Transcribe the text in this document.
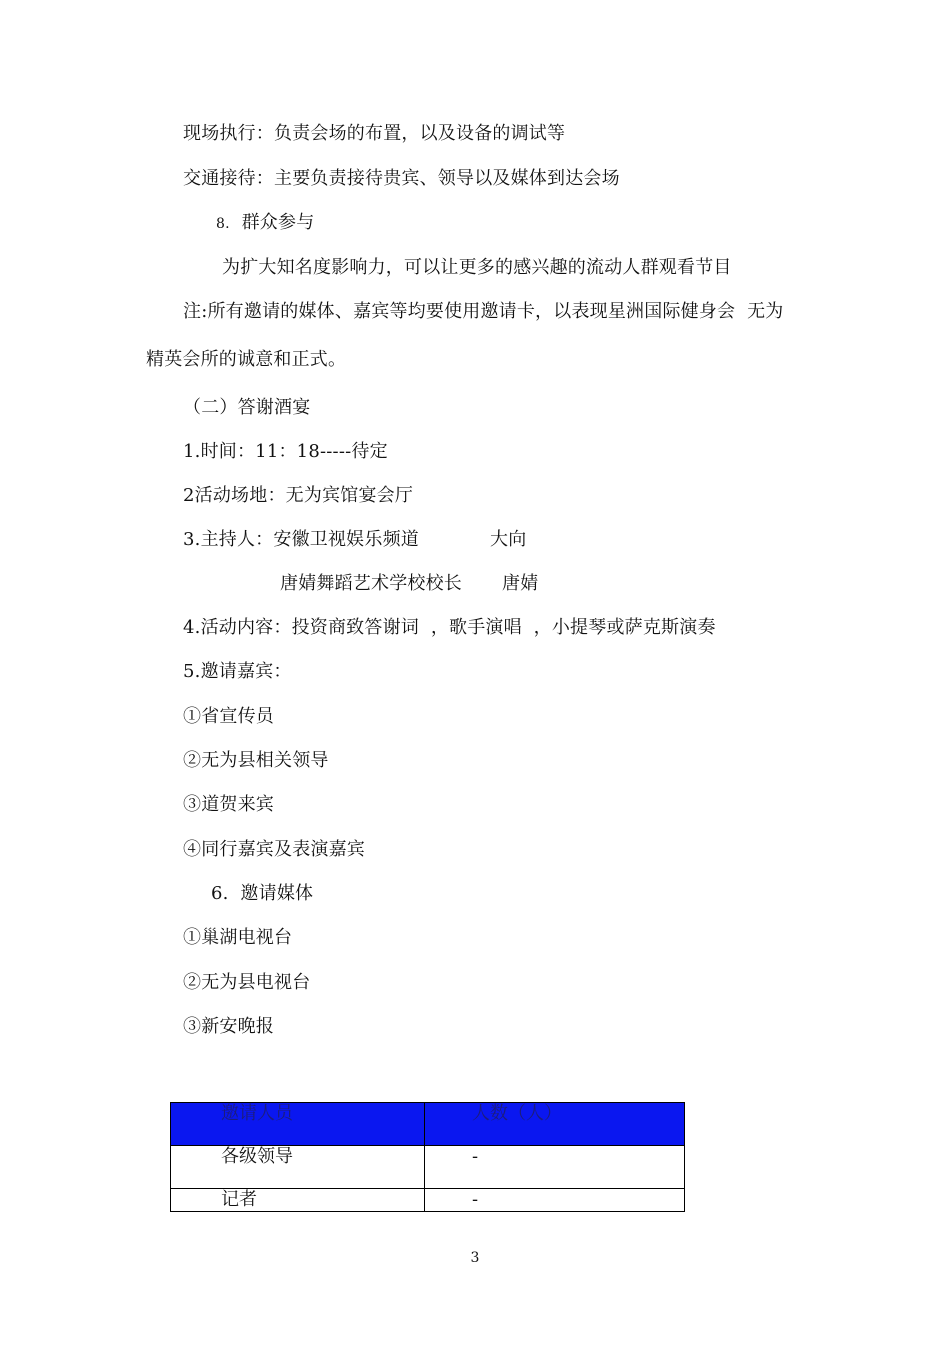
现场执行：负责会场的布置，以及设备的调试等
交通接待：主要负责接待贵宾、领导以及媒体到达会场
8.  群众参与
为扩大知名度影响力，可以让更多的感兴趣的流动人群观看节目
注:所有邀请的媒体、嘉宾等均要使用邀请卡，以表现星洲国际健身会  无为
精英会所的诚意和正式。
（二）答谢酒宴
1.时间：11：18-----待定
2活动场地：无为宾馆宴会厅
3.主持人：安徽卫视娱乐频道	大向
唐婧舞蹈艺术学校校长 唐婧
4.活动内容：投资商致答谢词  ，歌手演唱  ，小提琴或萨克斯演奏
5.邀请嘉宾：
①省宣传员
②无为县相关领导
③道贺来宾
④同行嘉宾及表演嘉宾
6.  邀请媒体
①巢湖电视台
②无为县电视台
③新安晚报
邀请人员	人数（人）

各级领导	-

记者	-
3
